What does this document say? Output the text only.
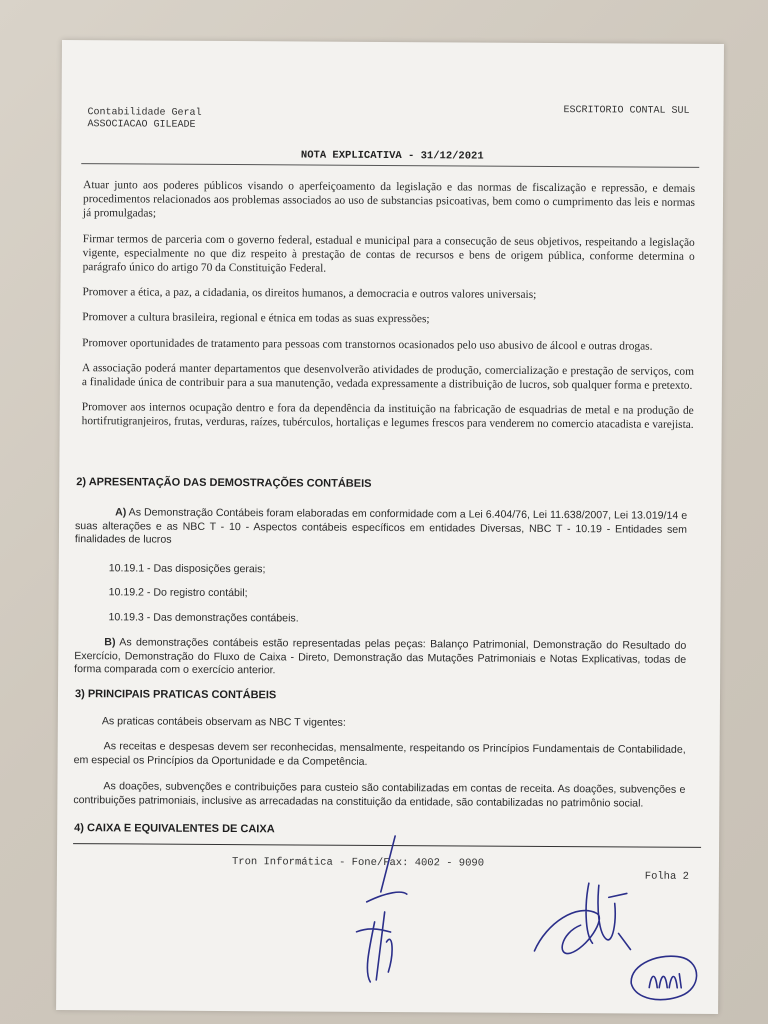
Contabilidade Geral
ASSOCIACAO GILEADE
ESCRITORIO CONTAL SUL
NOTA EXPLICATIVA - 31/12/2021

Atuar junto aos poderes públicos visando o aperfeiçoamento da legislação e das normas de fiscalização e repressão, e demais procedimentos relacionados aos problemas associados ao uso de substancias psicoativas, bem como o cumprimento das leis e normas já promulgadas;

Firmar termos de parceria com o governo federal, estadual e municipal para a consecução de seus objetivos, respeitando a legislação vigente, especialmente no que diz respeito à prestação de contas de recursos e bens de origem pública, conforme determina o parágrafo único do artigo 70 da Constituição Federal.

Promover a ética, a paz, a cidadania, os direitos humanos, a democracia e outros valores universais;

Promover a cultura brasileira, regional e étnica em todas as suas expressões;

Promover oportunidades de tratamento para pessoas com transtornos ocasionados pelo uso abusivo de álcool e outras drogas.

A associação poderá manter departamentos que desenvolverão atividades de produção, comercialização e prestação de serviços, com a finalidade única de contribuir para a sua manutenção, vedada expressamente a distribuição de lucros, sob qualquer forma e pretexto.

Promover aos internos ocupação dentro e fora da dependência da instituição na fabricação de esquadrias de metal e na produção de hortifrutigranjeiros, frutas, verduras, raízes, tubérculos, hortaliças e legumes frescos para venderem no comercio atacadista e varejista.

2) APRESENTAÇÃO DAS DEMOSTRAÇÕES CONTÁBEIS
A) As Demonstração Contábeis foram elaboradas em conformidade com a Lei 6.404/76, Lei 11.638/2007, Lei 13.019/14 e suas alterações e as NBC T - 10 - Aspectos contábeis específicos em entidades Diversas, NBC T - 10.19 - Entidades sem finalidades de lucros
10.19.1 - Das disposições gerais;
10.19.2 - Do registro contábil;
10.19.3 - Das demonstrações contábeis.
B) As demonstrações contábeis estão representadas pelas peças: Balanço Patrimonial, Demonstração do Resultado do Exercício, Demonstração do Fluxo de Caixa - Direto, Demonstração das Mutações Patrimoniais e Notas Explicativas, todas de forma comparada com o exercício anterior.
3) PRINCIPAIS PRATICAS CONTÁBEIS
As praticas contábeis observam as NBC T vigentes:
As receitas e despesas devem ser reconhecidas, mensalmente, respeitando os Princípios Fundamentais de Contabilidade, em especial os Princípios da Oportunidade e da Competência.
As doações, subvenções e contribuições para custeio são contabilizadas em contas de receita. As doações, subvenções e contribuições patrimoniais, inclusive as arrecadadas na constituição da entidade, são contabilizadas no patrimônio social.
4) CAIXA E EQUIVALENTES DE CAIXA
Tron Informática - Fone/Fax: 4002 - 9090
Folha 2
